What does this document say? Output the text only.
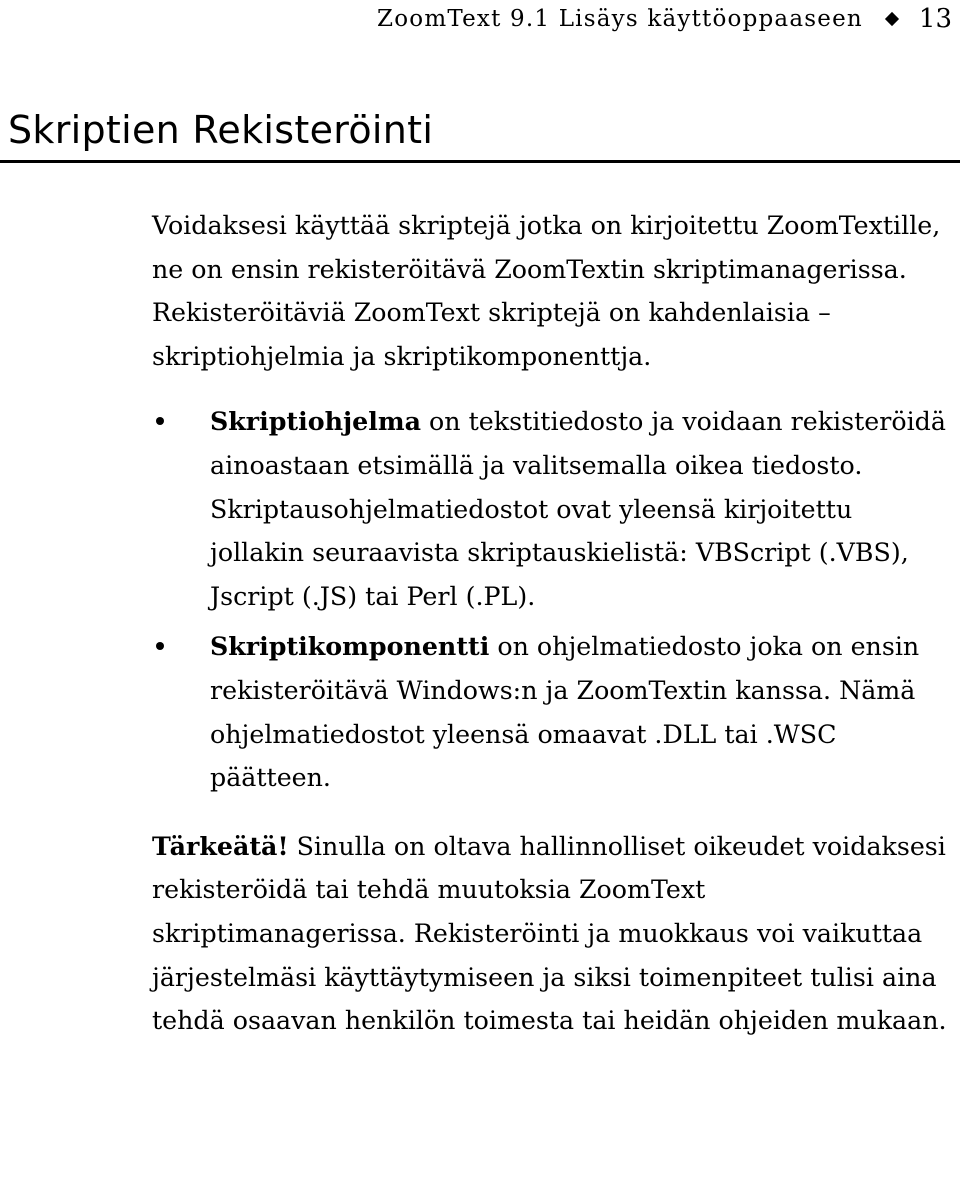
ZoomText 9.1 Lisäys käyttöoppaaseen 13
Skriptien Rekisteröinti

Voidaksesi käyttää skriptejä jotka on kirjoitettu ZoomTextille, ne on ensin rekisteröitävä ZoomTextin skriptimanagerissa. Rekisteröitäviä ZoomText skriptejä on kahdenlaisia – skriptiohjelmia ja skriptikomponenttja.

Skriptiohjelma on tekstitiedosto ja voidaan rekisteröidä ainoastaan etsimällä ja valitsemalla oikea tiedosto. Skriptausohjelmatiedostot ovat yleensä kirjoitettu jollakin seuraavista skriptauskielistä: VBScript (.VBS), Jscript (.JS) tai Perl (.PL).
Skriptikomponentti on ohjelmatiedosto joka on ensin rekisteröitävä Windows:n ja ZoomTextin kanssa. Nämä ohjelmatiedostot yleensä omaavat .DLL tai .WSC päätteen.

Tärkeätä! Sinulla on oltava hallinnolliset oikeudet voidaksesi rekisteröidä tai tehdä muutoksia ZoomText skriptimanagerissa. Rekisteröinti ja muokkaus voi vaikuttaa järjestelmäsi käyttäytymiseen ja siksi toimenpiteet tulisi aina tehdä osaavan henkilön toimesta tai heidän ohjeiden mukaan.
